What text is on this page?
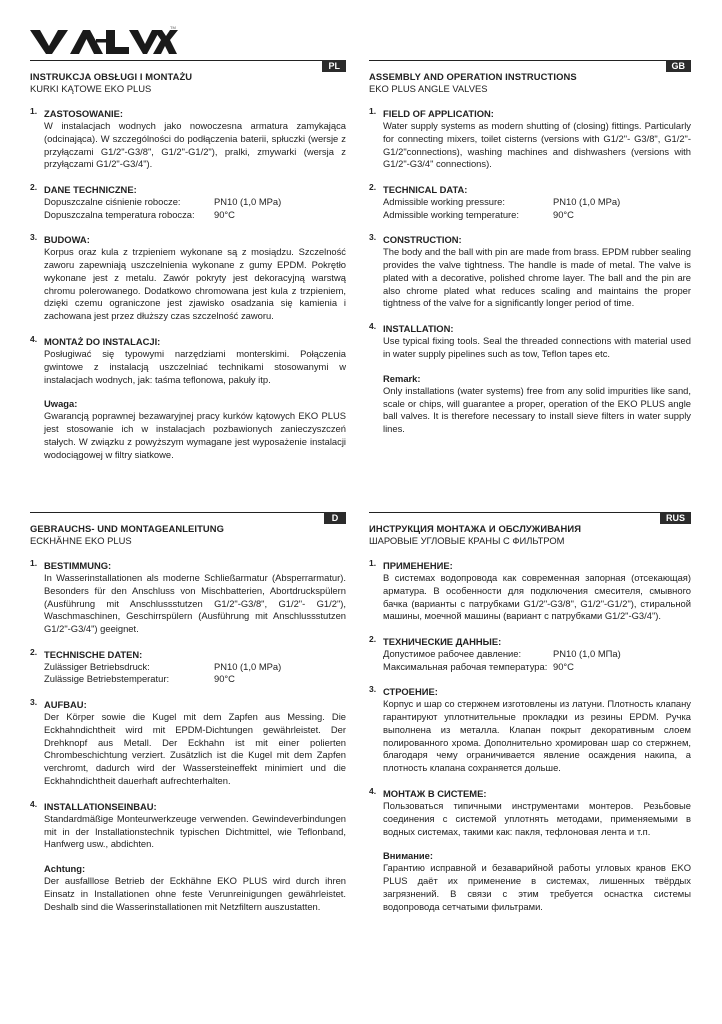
TM
PL
INSTRUKCJA OBSŁUGI I MONTAŻU
KURKI KĄTOWE EKO PLUS
1. ZASTOSOWANIE:
W instalacjach wodnych jako nowoczesna armatura zamykająca (odcinająca). W szczególności do podłączenia baterii, spłuczki (wersje z przyłączami G1/2"-G3/8", G1/2"-G1/2"), pralki, zmywarki (wersja z przyłączami G1/2"-G3/4").
2. DANE TECHNICZNE:
Dopuszczalne ciśnienie robocze:	PN10 (1,0 MPa)
Dopuszczalna temperatura robocza:	90°C
3. BUDOWA:
Korpus oraz kula z trzpieniem wykonane są z mosiądzu. Szczelność zaworu zapewniają uszczelnienia wykonane z gumy EPDM. Pokrętło wykonane jest z metalu. Zawór pokryty jest dekoracyjną warstwą chromu polerowanego. Dodatkowo chromowana jest kula z trzpieniem, dzięki czemu ograniczone jest zjawisko osadzania się kamienia i zachowana jest przez dłuższy czas szczelność zaworu.
4. MONTAŻ DO INSTALACJI:
Posługiwać się typowymi narzędziami monterskimi. Połączenia gwintowe z instalacją uszczelniać technikami stosowanymi w instalacjach wodnych, jak: taśma teflonowa, pakuły itp.
Uwaga:
Gwarancją poprawnej bezawaryjnej pracy kurków kątowych EKO PLUS jest stosowanie ich w instalacjach pozbawionych zanieczyszczeń stałych. W związku z powyższym wymagane jest wyposażenie instalacji wodociągowej w filtry siatkowe.
GB
ASSEMBLY AND OPERATION INSTRUCTIONS
EKO PLUS ANGLE VALVES
1. FIELD OF APPLICATION:
Water supply systems as modern shutting of (closing) fittings. Particularly for connecting mixers, toilet cisterns (versions with G1/2"- G3/8", G1/2"-G1/2"connections), washing machines and dishwashers (versions with G1/2"-G3/4" connections).
2. TECHNICAL DATA:
Admissible working pressure:	PN10 (1,0 MPa)
Admissible working temperature:	90°C
3. CONSTRUCTION:
The body and the ball with pin are made from brass. EPDM rubber sealing provides the valve tightness. The handle is made of metal. The valve is plated with a decorative, polished chrome layer. The ball and the pin are also chrome plated what reduces scaling and maintains the proper tightness of the valve for a significantly longer period of time.
4. INSTALLATION:
Use typical fixing tools. Seal the threaded connections with material used in water supply pipelines such as tow, Teflon tapes etc.
Remark:
Only installations (water systems) free from any solid impurities like sand, scale or chips, will guarantee a proper, operation of the EKO PLUS angle ball valves. It is therefore necessary to install sieve filters in water supply lines.
D
GEBRAUCHS- UND MONTAGEANLEITUNG
ECKHÄHNE EKO PLUS
1. BESTIMMUNG:
In Wasserinstallationen als moderne Schließarmatur (Absperrarmatur). Besonders für den Anschluss von Mischbatterien, Abortdruckspülern (Ausführung mit Anschlussstutzen G1/2"-G3/8", G1/2"- G1/2"), Waschmaschinen, Geschirrspülern (Ausführung mit Anschlussstutzen G1/2"-G3/4") geeignet.
2. TECHNISCHE DATEN:
Zulässiger Betriebsdruck:	PN10 (1,0 MPa)
Zulässige Betriebstemperatur:	90°C
3. AUFBAU:
Der Körper sowie die Kugel mit dem Zapfen aus Messing. Die Eckhahndichtheit wird mit EPDM-Dichtungen gewährleistet. Der Drehknopf aus Metall. Der Eckhahn ist mit einer polierten Chrombeschichtung verziert. Zusätzlich ist die Kugel mit dem Zapfen verchromt, dadurch wird der Wassersteineffekt minimiert und die Eckhahndichtheit dauerhaft aufrechterhalten.
4. INSTALLATIONSEINBAU:
Standardmäßige Monteurwerkzeuge verwenden. Gewindeverbindungen mit in der Installationstechnik typischen Dichtmittel, wie Teflonband, Hanfwerg usw., abdichten.
Achtung:
Der ausfalllose Betrieb der Eckhähne EKO PLUS wird durch ihren Einsatz in Installationen ohne feste Verunreinigungen gewährleistet. Deshalb sind die Wasserinstallationen mit Netzfiltern auszustatten.
RUS
ИНСТРУКЦИЯ МОНТАЖА И ОБСЛУЖИВАНИЯ
ШАРОВЫЕ УГЛОВЫЕ КРАНЫ С ФИЛЬТРОМ
1. ПРИМЕНЕНИЕ:
В системах водопровода как современная запорная (отсекающая) арматура. В особенности для подключения смесителя, смывного бачка (варианты с патрубками G1/2"-G3/8", G1/2"-G1/2"), стиральной машины, моечной машины (вариант с патрубками G1/2"-G3/4").
2. ТЕХНИЧЕСКИЕ ДАННЫЕ:
Допустимое рабочее давление:	PN10 (1,0 МПа)
Максимальная рабочая температура: 90°C
3. СТРОЕНИЕ:
Корпус и шар со стержнем изготовлены из латуни. Плотность клапану гарантируют уплотнительные прокладки из резины EPDM. Ручка выполнена из металла. Клапан покрыт декоративным слоем полированного хрома. Дополнительно хромирован шар со стержнем, благодаря чему ограничивается явление осаждения накипа, а плотность клапана сохраняется дольше.
4. МОНТАЖ В СИСТЕМЕ:
Пользоваться типичными инструментами монтеров. Резьбовые соединения с системой уплотнять методами, применяемыми в водных системах, такими как: пакля, тефлоновая лента и т.п.
Внимание:
Гарантию исправной и безаварийной работы угловых кранов EKO PLUS даёт их применение в системах, лишенных твёрдых загрязнений. В связи с этим требуется оснастка системы водопровода сетчатыми фильтрами.
